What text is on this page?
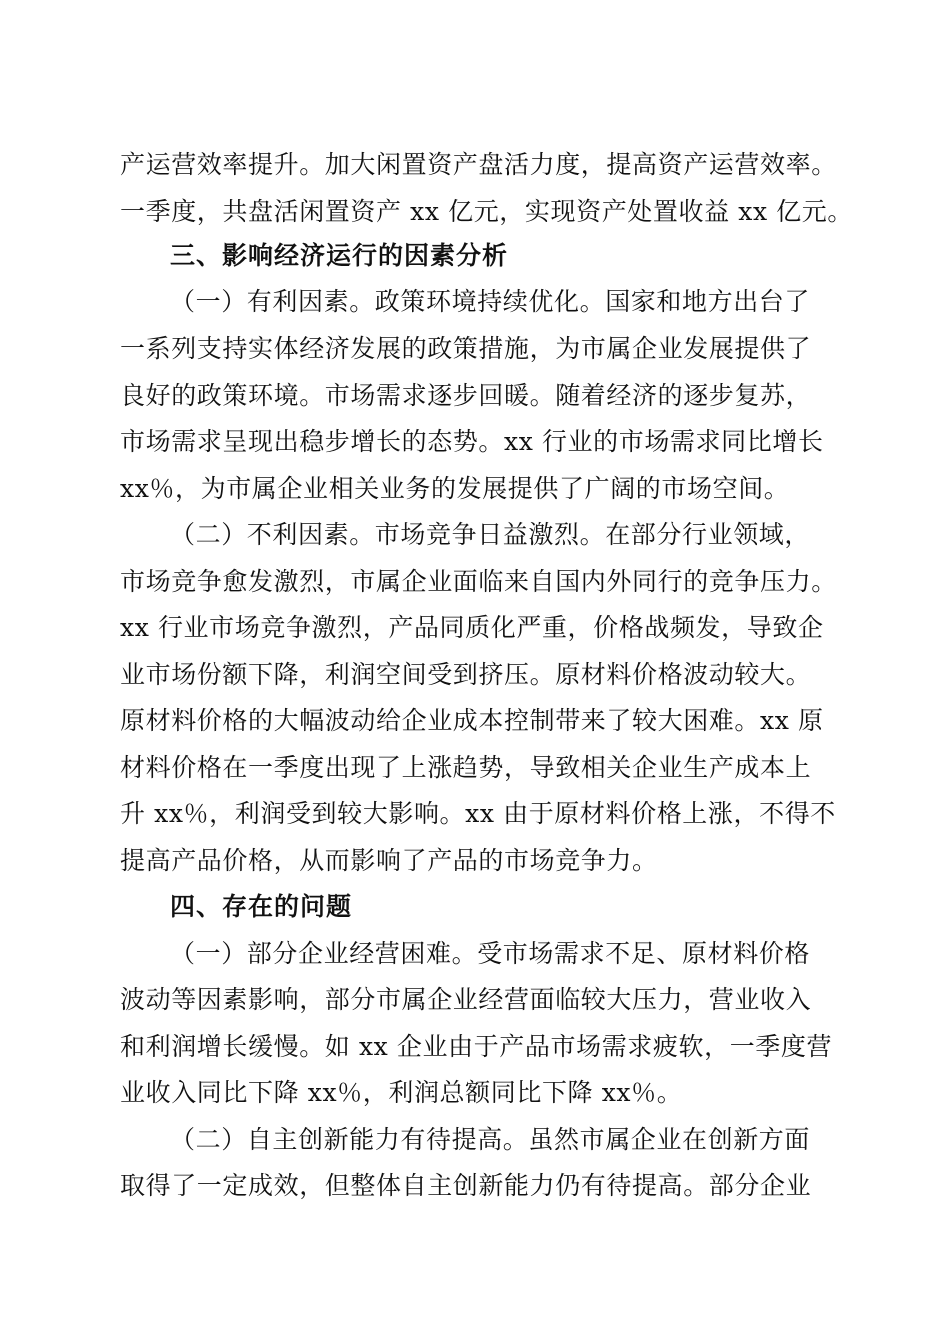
产运营效率提升。加大闲置资产盘活力度，提高资产运营效率。
一季度，共盘活闲置资产 xx 亿元，实现资产处置收益 xx 亿元。
三、影响经济运行的因素分析
（一）有利因素。政策环境持续优化。国家和地方出台了
一系列支持实体经济发展的政策措施，为市属企业发展提供了
良好的政策环境。市场需求逐步回暖。随着经济的逐步复苏，
市场需求呈现出稳步增长的态势。xx 行业的市场需求同比增长
xx％，为市属企业相关业务的发展提供了广阔的市场空间。
（二）不利因素。市场竞争日益激烈。在部分行业领域，
市场竞争愈发激烈，市属企业面临来自国内外同行的竞争压力。
xx 行业市场竞争激烈，产品同质化严重，价格战频发，导致企
业市场份额下降，利润空间受到挤压。原材料价格波动较大。
原材料价格的大幅波动给企业成本控制带来了较大困难。xx 原
材料价格在一季度出现了上涨趋势，导致相关企业生产成本上
升 xx％，利润受到较大影响。xx 由于原材料价格上涨，不得不
提高产品价格，从而影响了产品的市场竞争力。
四、存在的问题
（一）部分企业经营困难。受市场需求不足、原材料价格
波动等因素影响，部分市属企业经营面临较大压力，营业收入
和利润增长缓慢。如 xx 企业由于产品市场需求疲软，一季度营
业收入同比下降 xx％，利润总额同比下降 xx％。
（二）自主创新能力有待提高。虽然市属企业在创新方面
取得了一定成效，但整体自主创新能力仍有待提高。部分企业
